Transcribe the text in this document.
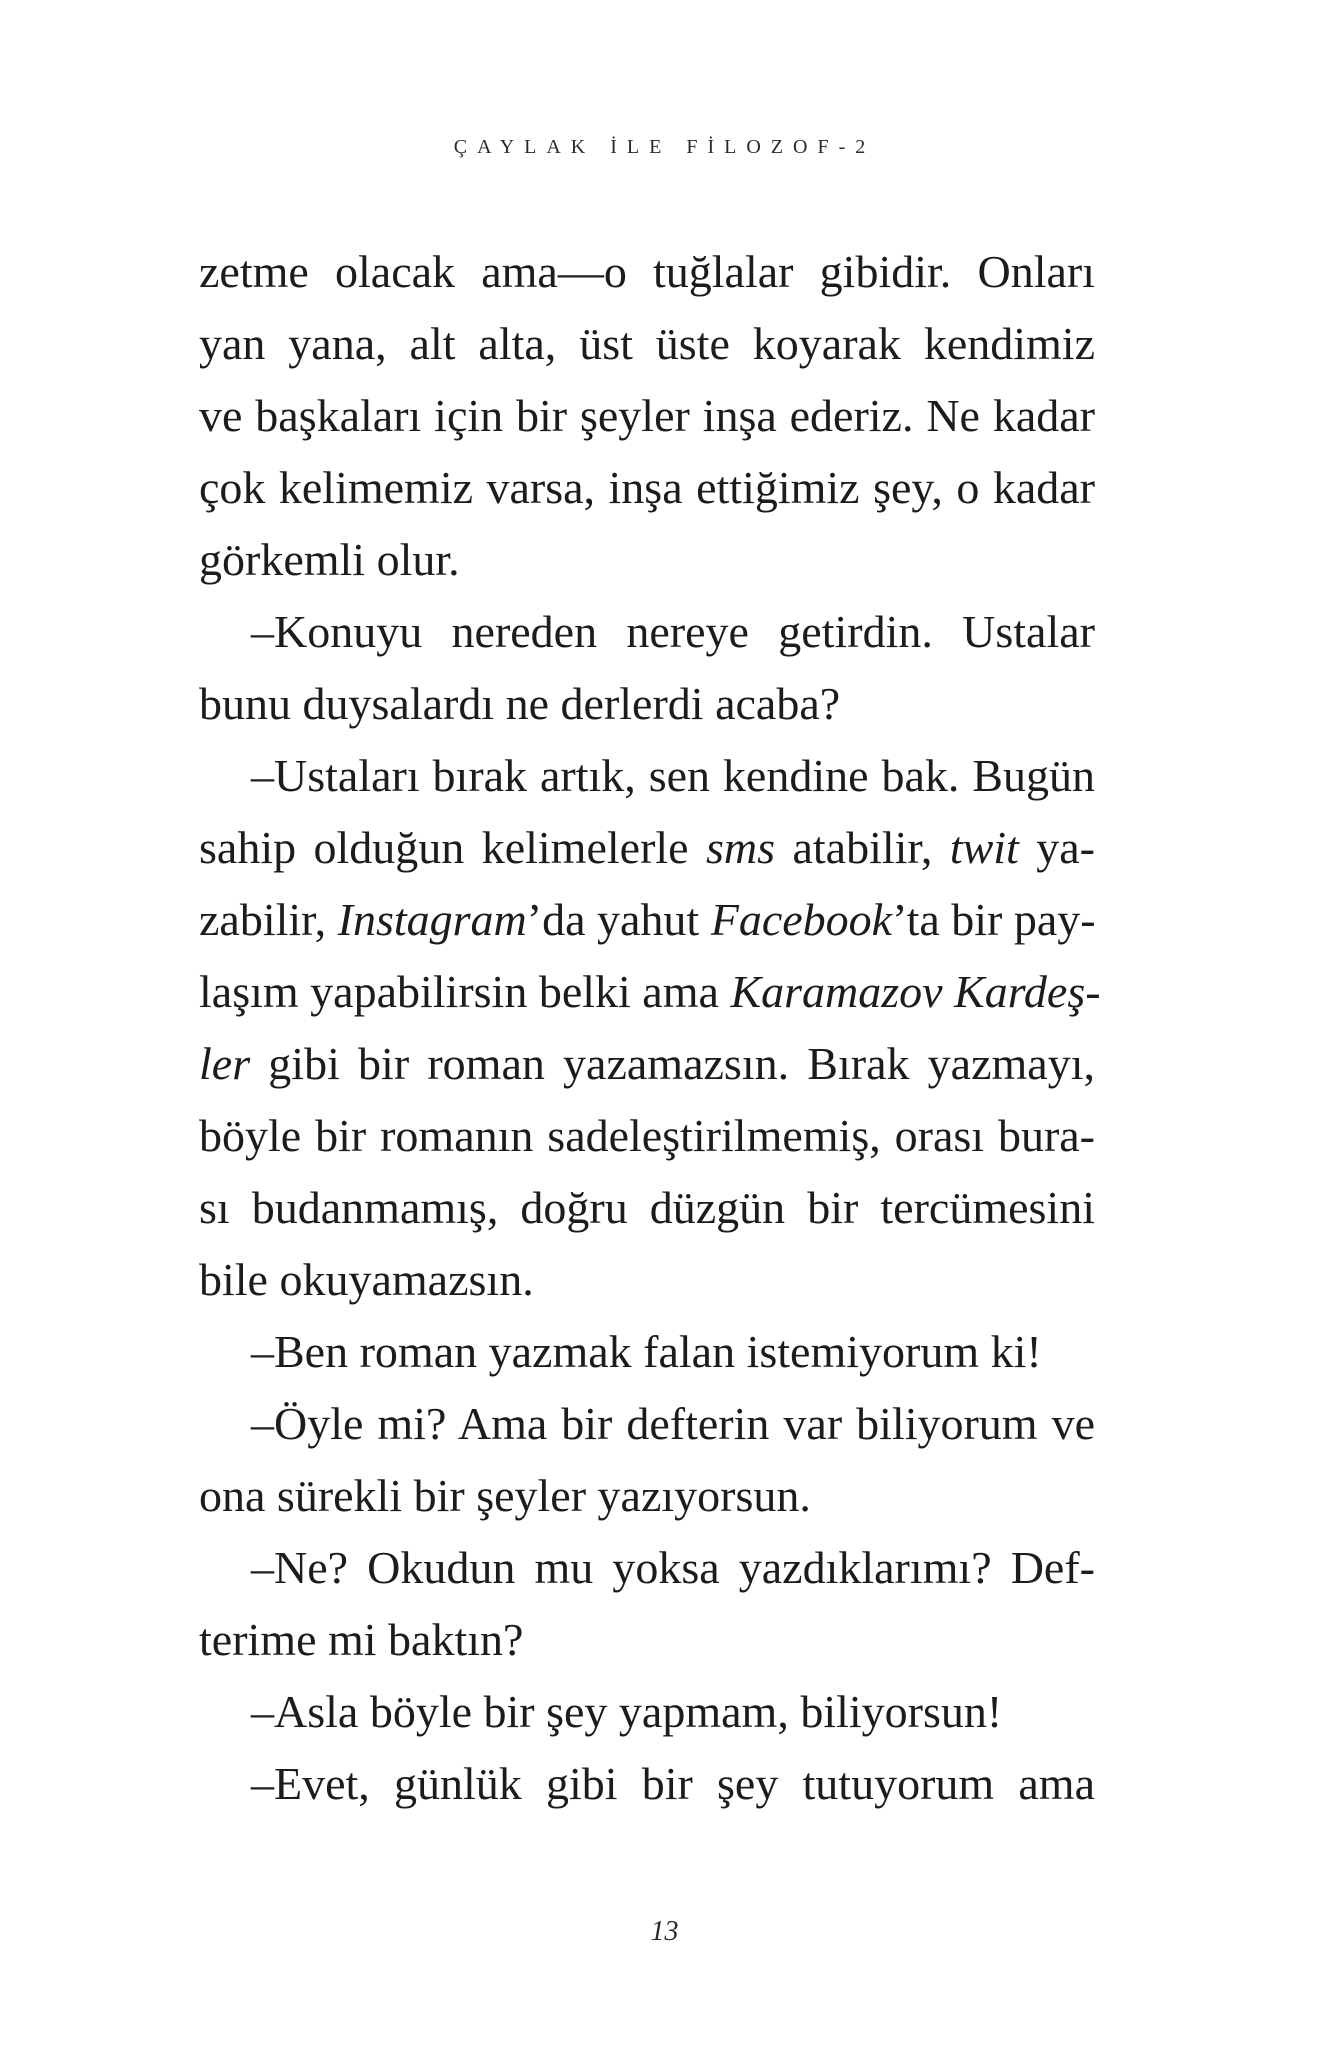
ÇAYLAK İLE FİLOZOF-2
zetme olacak ama—o tuğlalar gibidir. Onları
yan yana, alt alta, üst üste koyarak kendimiz
ve başkaları için bir şeyler inşa ederiz. Ne kadar
çok kelimemiz varsa, inşa ettiğimiz şey, o kadar
görkemli olur.
–Konuyu nereden nereye getirdin. Ustalar
bunu duysalardı ne derlerdi acaba?
–Ustaları bırak artık, sen kendine bak. Bugün
sahip olduğun kelimelerle sms atabilir, twit ya-
zabilir, Instagram’da yahut Facebook’ta bir pay-
laşım yapabilirsin belki ama Karamazov Kardeş-
ler gibi bir roman yazamazsın. Bırak yazmayı,
böyle bir romanın sadeleştirilmemiş, orası bura-
sı budanmamış, doğru düzgün bir tercümesini
bile okuyamazsın.
–Ben roman yazmak falan istemiyorum ki!
–Öyle mi? Ama bir defterin var biliyorum ve
ona sürekli bir şeyler yazıyorsun.
–Ne? Okudun mu yoksa yazdıklarımı? Def-
terime mi baktın?
–Asla böyle bir şey yapmam, biliyorsun!
–Evet, günlük gibi bir şey tutuyorum ama
13
